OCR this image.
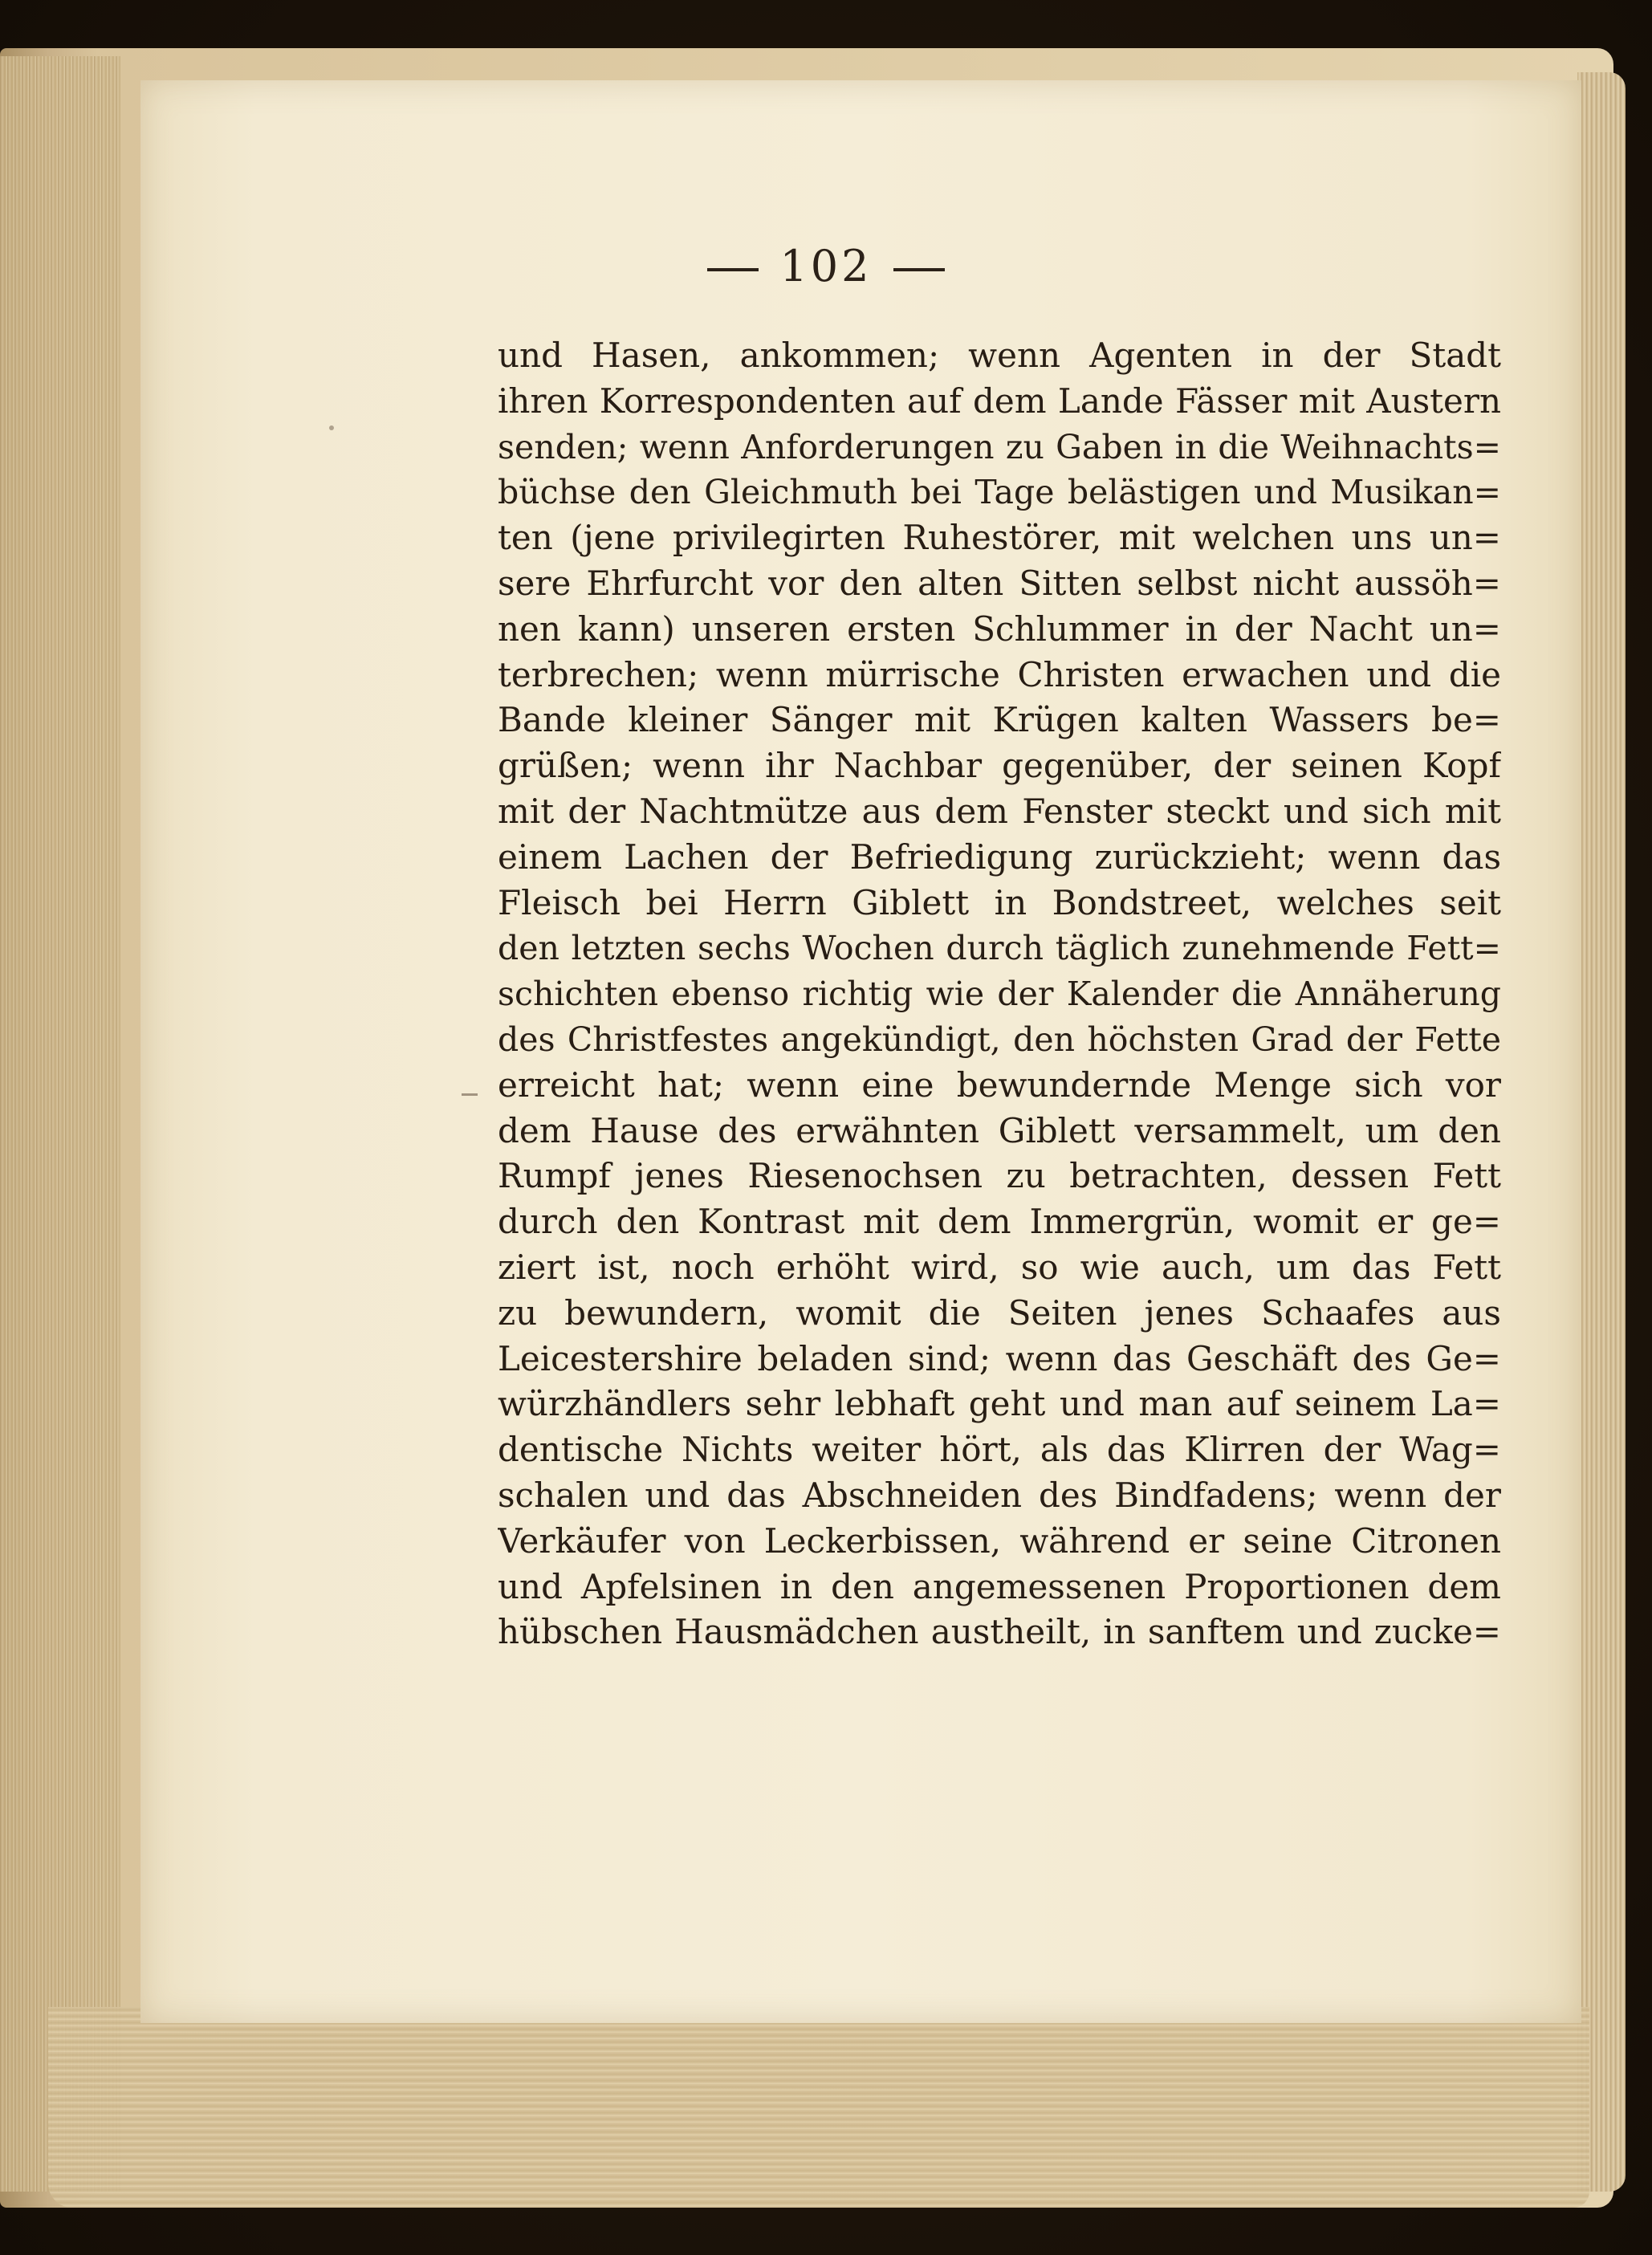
102
und Hasen, ankommen; wenn Agenten in der Stadt
ihren Korrespondenten auf dem Lande Fässer mit Austern
senden; wenn Anforderungen zu Gaben in die Weihnachts=
büchse den Gleichmuth bei Tage belästigen und Musikan=
ten (jene privilegirten Ruhestörer, mit welchen uns un=
sere Ehrfurcht vor den alten Sitten selbst nicht aussöh=
nen kann) unseren ersten Schlummer in der Nacht un=
terbrechen; wenn mürrische Christen erwachen und die
Bande kleiner Sänger mit Krügen kalten Wassers be=
grüßen; wenn ihr Nachbar gegenüber, der seinen Kopf
mit der Nachtmütze aus dem Fenster steckt und sich mit
einem Lachen der Befriedigung zurückzieht; wenn das
Fleisch bei Herrn Giblett in Bondstreet, welches seit
den letzten sechs Wochen durch täglich zunehmende Fett=
schichten ebenso richtig wie der Kalender die Annäherung
des Christfestes angekündigt, den höchsten Grad der Fette
erreicht hat; wenn eine bewundernde Menge sich vor
dem Hause des erwähnten Giblett versammelt, um den
Rumpf jenes Riesenochsen zu betrachten, dessen Fett
durch den Kontrast mit dem Immergrün, womit er ge=
ziert ist, noch erhöht wird, so wie auch, um das Fett
zu bewundern, womit die Seiten jenes Schaafes aus
Leicestershire beladen sind; wenn das Geschäft des Ge=
würzhändlers sehr lebhaft geht und man auf seinem La=
dentische Nichts weiter hört, als das Klirren der Wag=
schalen und das Abschneiden des Bindfadens; wenn der
Verkäufer von Leckerbissen, während er seine Citronen
und Apfelsinen in den angemessenen Proportionen dem
hübschen Hausmädchen austheilt, in sanftem und zucke=
